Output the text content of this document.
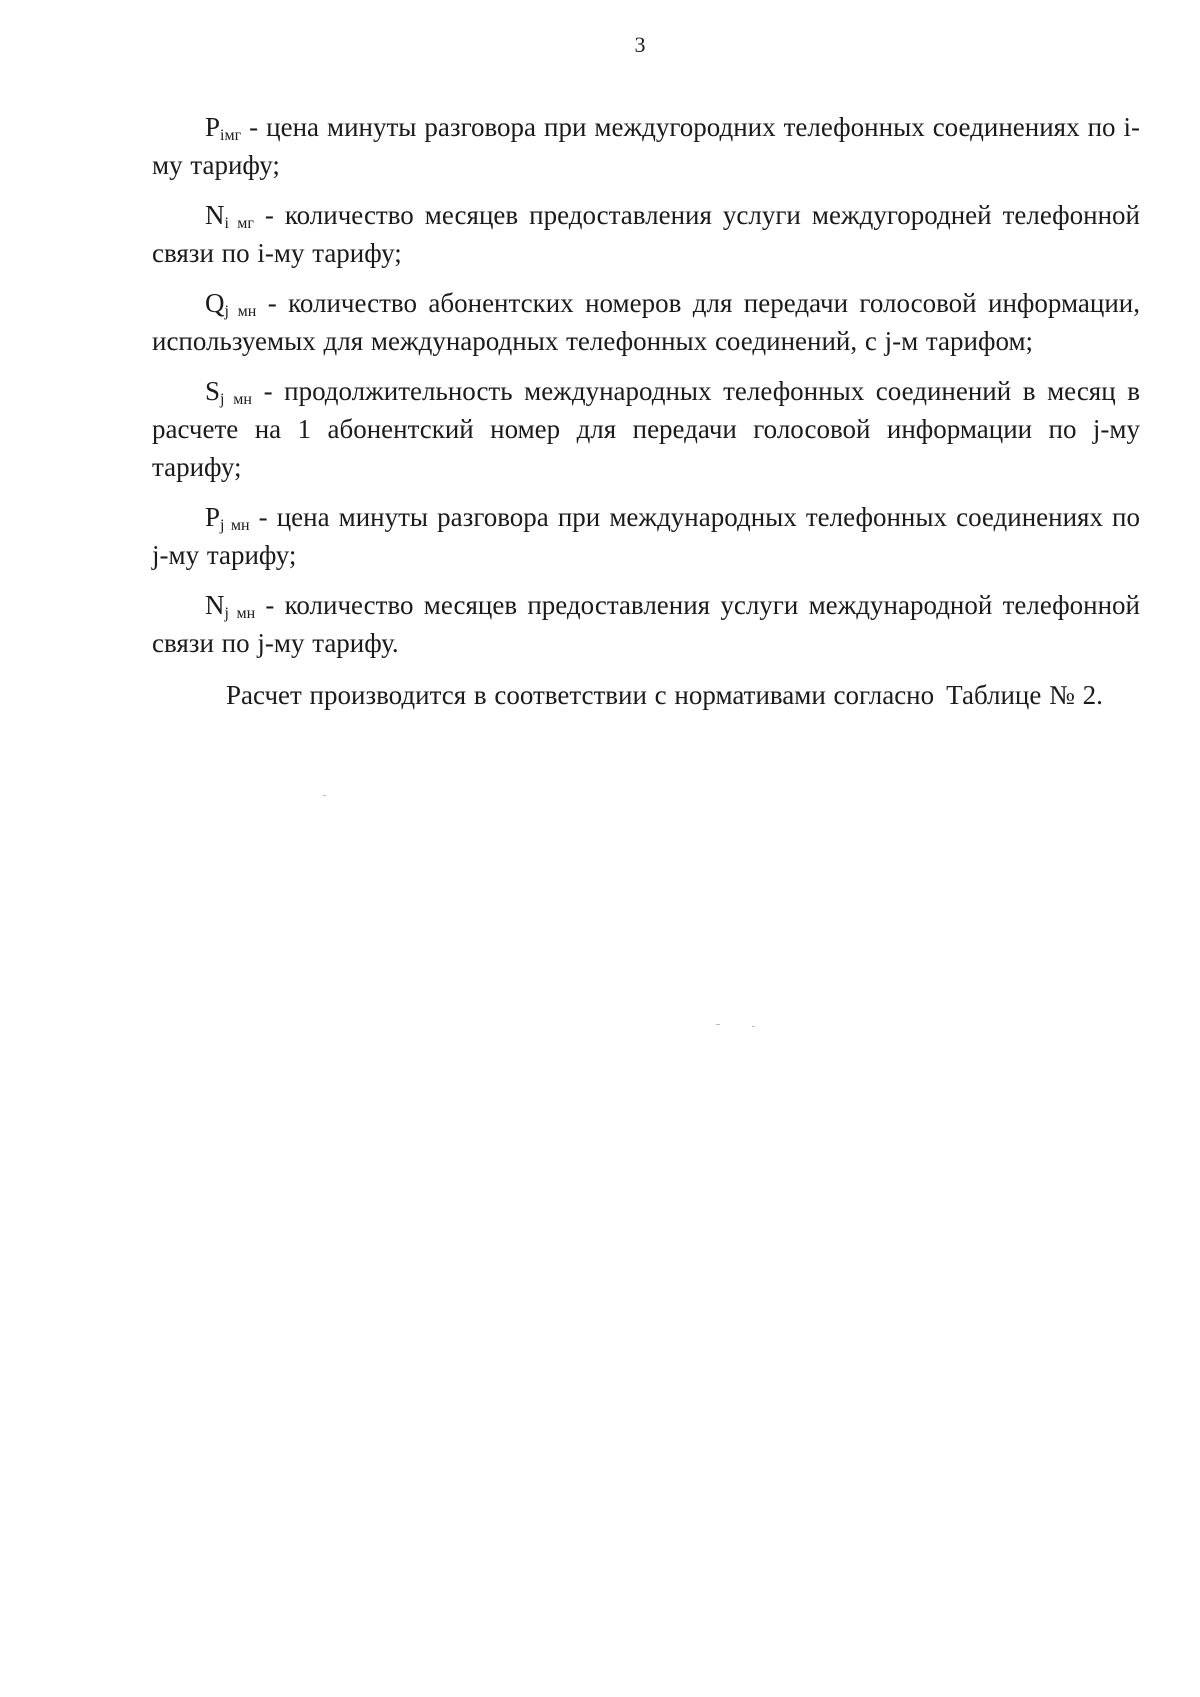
3

$P_{iмг}$ - цена минуты разговора при междугородних телефонных соединениях по i-му тарифу;

$N_{i мг}$ - количество месяцев предоставления услуги междугородней телефонной связи по i-му тарифу;

$Q_{j мн}$ - количество абонентских номеров для передачи голосовой информации, используемых для международных телефонных соединений, с j-м тарифом;

$S_{j мн}$ - продолжительность международных телефонных соединений в месяц в расчете на 1 абонентский номер для передачи голосовой информации по j-му тарифу;

$P_{j мн}$ - цена минуты разговора при международных телефонных соединениях по j-му тарифу;

$N_{j мн}$ - количество месяцев предоставления услуги международной телефонной связи по j-му тарифу.

Расчет производится в соответствии с нормативами согласно Таблице № 2.
